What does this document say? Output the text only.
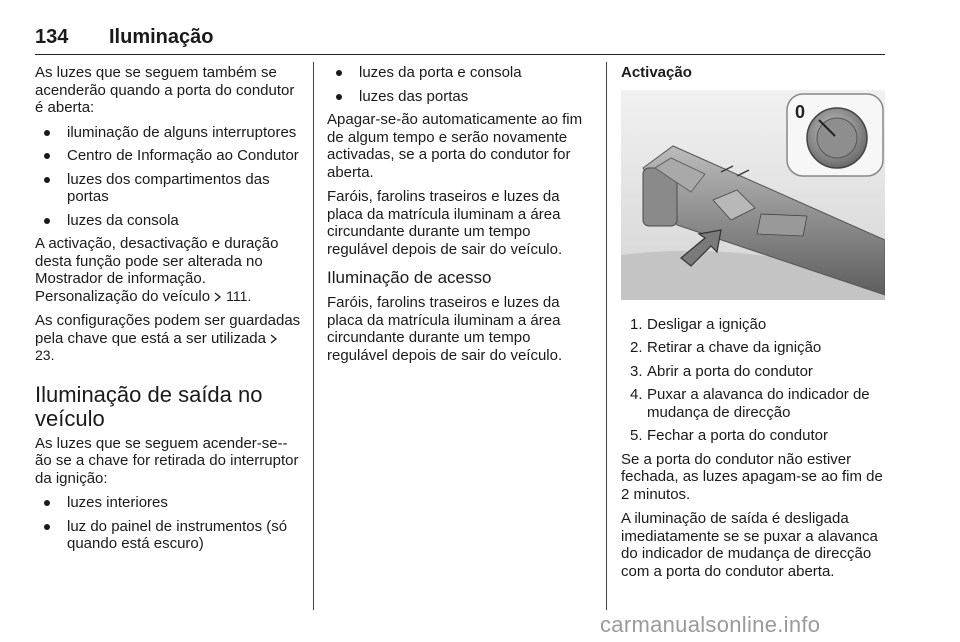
134 Iluminação

As luzes que se seguem também se acenderão quando a porta do condutor é aberta:

iluminação de alguns interruptores
Centro de Informação ao Condutor
luzes dos compartimentos das portas
luzes da consola

A activação, desactivação e duração desta função pode ser alterada no Mostrador de informação. Personalização do veículo 111.

As configurações podem ser guardadas pela chave que está a ser utilizada  23.

Iluminação de saída no veículo

As luzes que se seguem acender-se--ão se a chave for retirada do interruptor da ignição:

luzes interiores
luz do painel de instrumentos (só quando está escuro)
luzes da porta e consola
luzes das portas

Apagar-se-ão automaticamente ao fim de algum tempo e serão novamente activadas, se a porta do condutor for aberta.

Faróis, farolins traseiros e luzes da placa da matrícula iluminam a área circundante durante um tempo regulável depois de sair do veículo.

Iluminação de acesso

Faróis, farolins traseiros e luzes da placa da matrícula iluminam a área circundante durante um tempo regulável depois de sair do veículo.

Activação
0
1. Desligar a ignição
2. Retirar a chave da ignição
3. Abrir a porta do condutor
4. Puxar a alavanca do indicador de mudança de direcção
5. Fechar a porta do condutor

Se a porta do condutor não estiver fechada, as luzes apagam-se ao fim de 2 minutos.

A iluminação de saída é desligada imediatamente se se puxar a alavanca do indicador de mudança de direcção com a porta do condutor aberta.

carmanualsonline.info
